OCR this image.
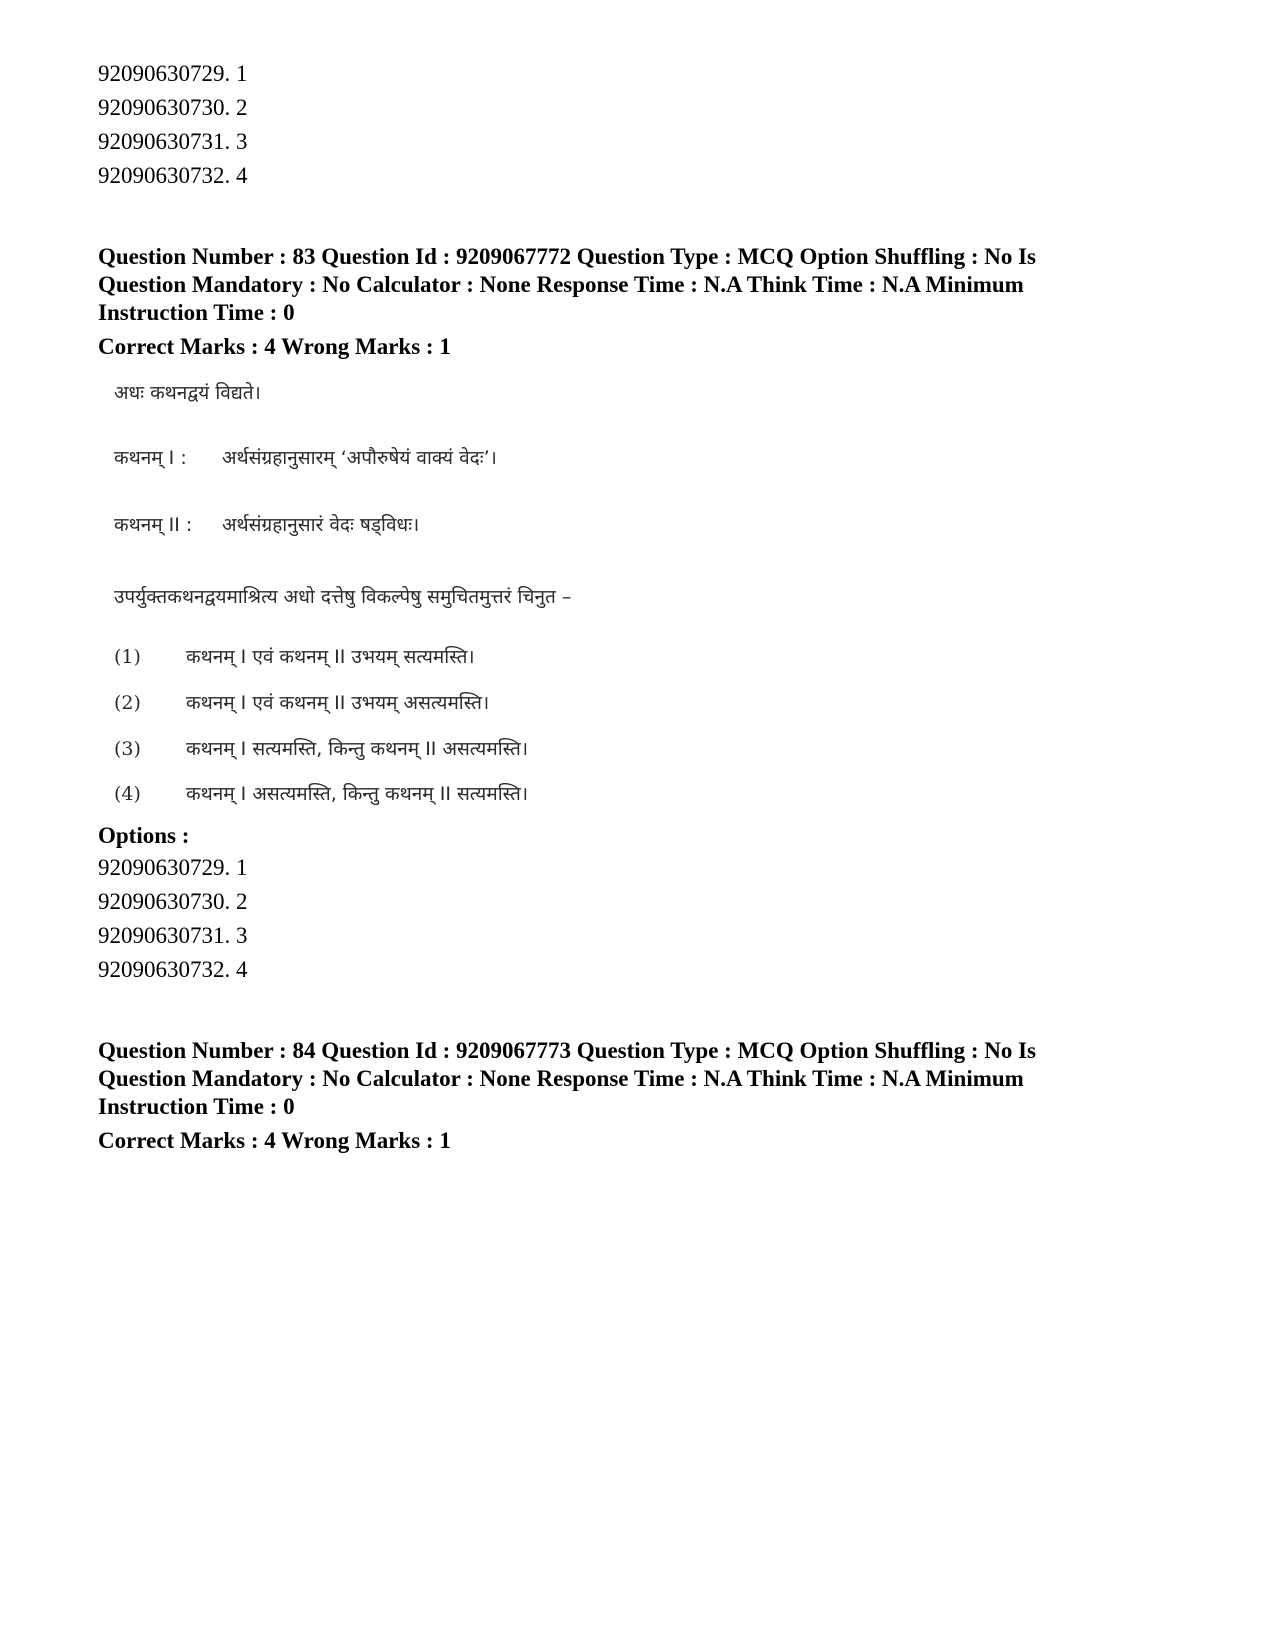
92090630729. 1
92090630730. 2
92090630731. 3
92090630732. 4
Question Number : 83 Question Id : 9209067772 Question Type : MCQ Option Shuffling : No Is
Question Mandatory : No Calculator : None Response Time : N.A Think Time : N.A Minimum
Instruction Time : 0
Correct Marks : 4 Wrong Marks : 1
अधः कथनद्वयं विद्यते।
कथनम् I : अर्थसंग्रहानुसारम् ‘अपौरुषेयं वाक्यं वेदः’।
कथनम् II : अर्थसंग्रहानुसारं वेदः षड्विधः।
उपर्युक्तकथनद्वयमाश्रित्य अधो दत्तेषु विकल्पेषु समुचितमुत्तरं चिनुत –
(1) कथनम् I एवं कथनम् II उभयम् सत्यमस्ति।
(2) कथनम् I एवं कथनम् II उभयम् असत्यमस्ति।
(3) कथनम् I सत्यमस्ति, किन्तु कथनम् II असत्यमस्ति।
(4) कथनम् I असत्यमस्ति, किन्तु कथनम् II सत्यमस्ति।
Options :
92090630729. 1
92090630730. 2
92090630731. 3
92090630732. 4
Question Number : 84 Question Id : 9209067773 Question Type : MCQ Option Shuffling : No Is
Question Mandatory : No Calculator : None Response Time : N.A Think Time : N.A Minimum
Instruction Time : 0
Correct Marks : 4 Wrong Marks : 1
